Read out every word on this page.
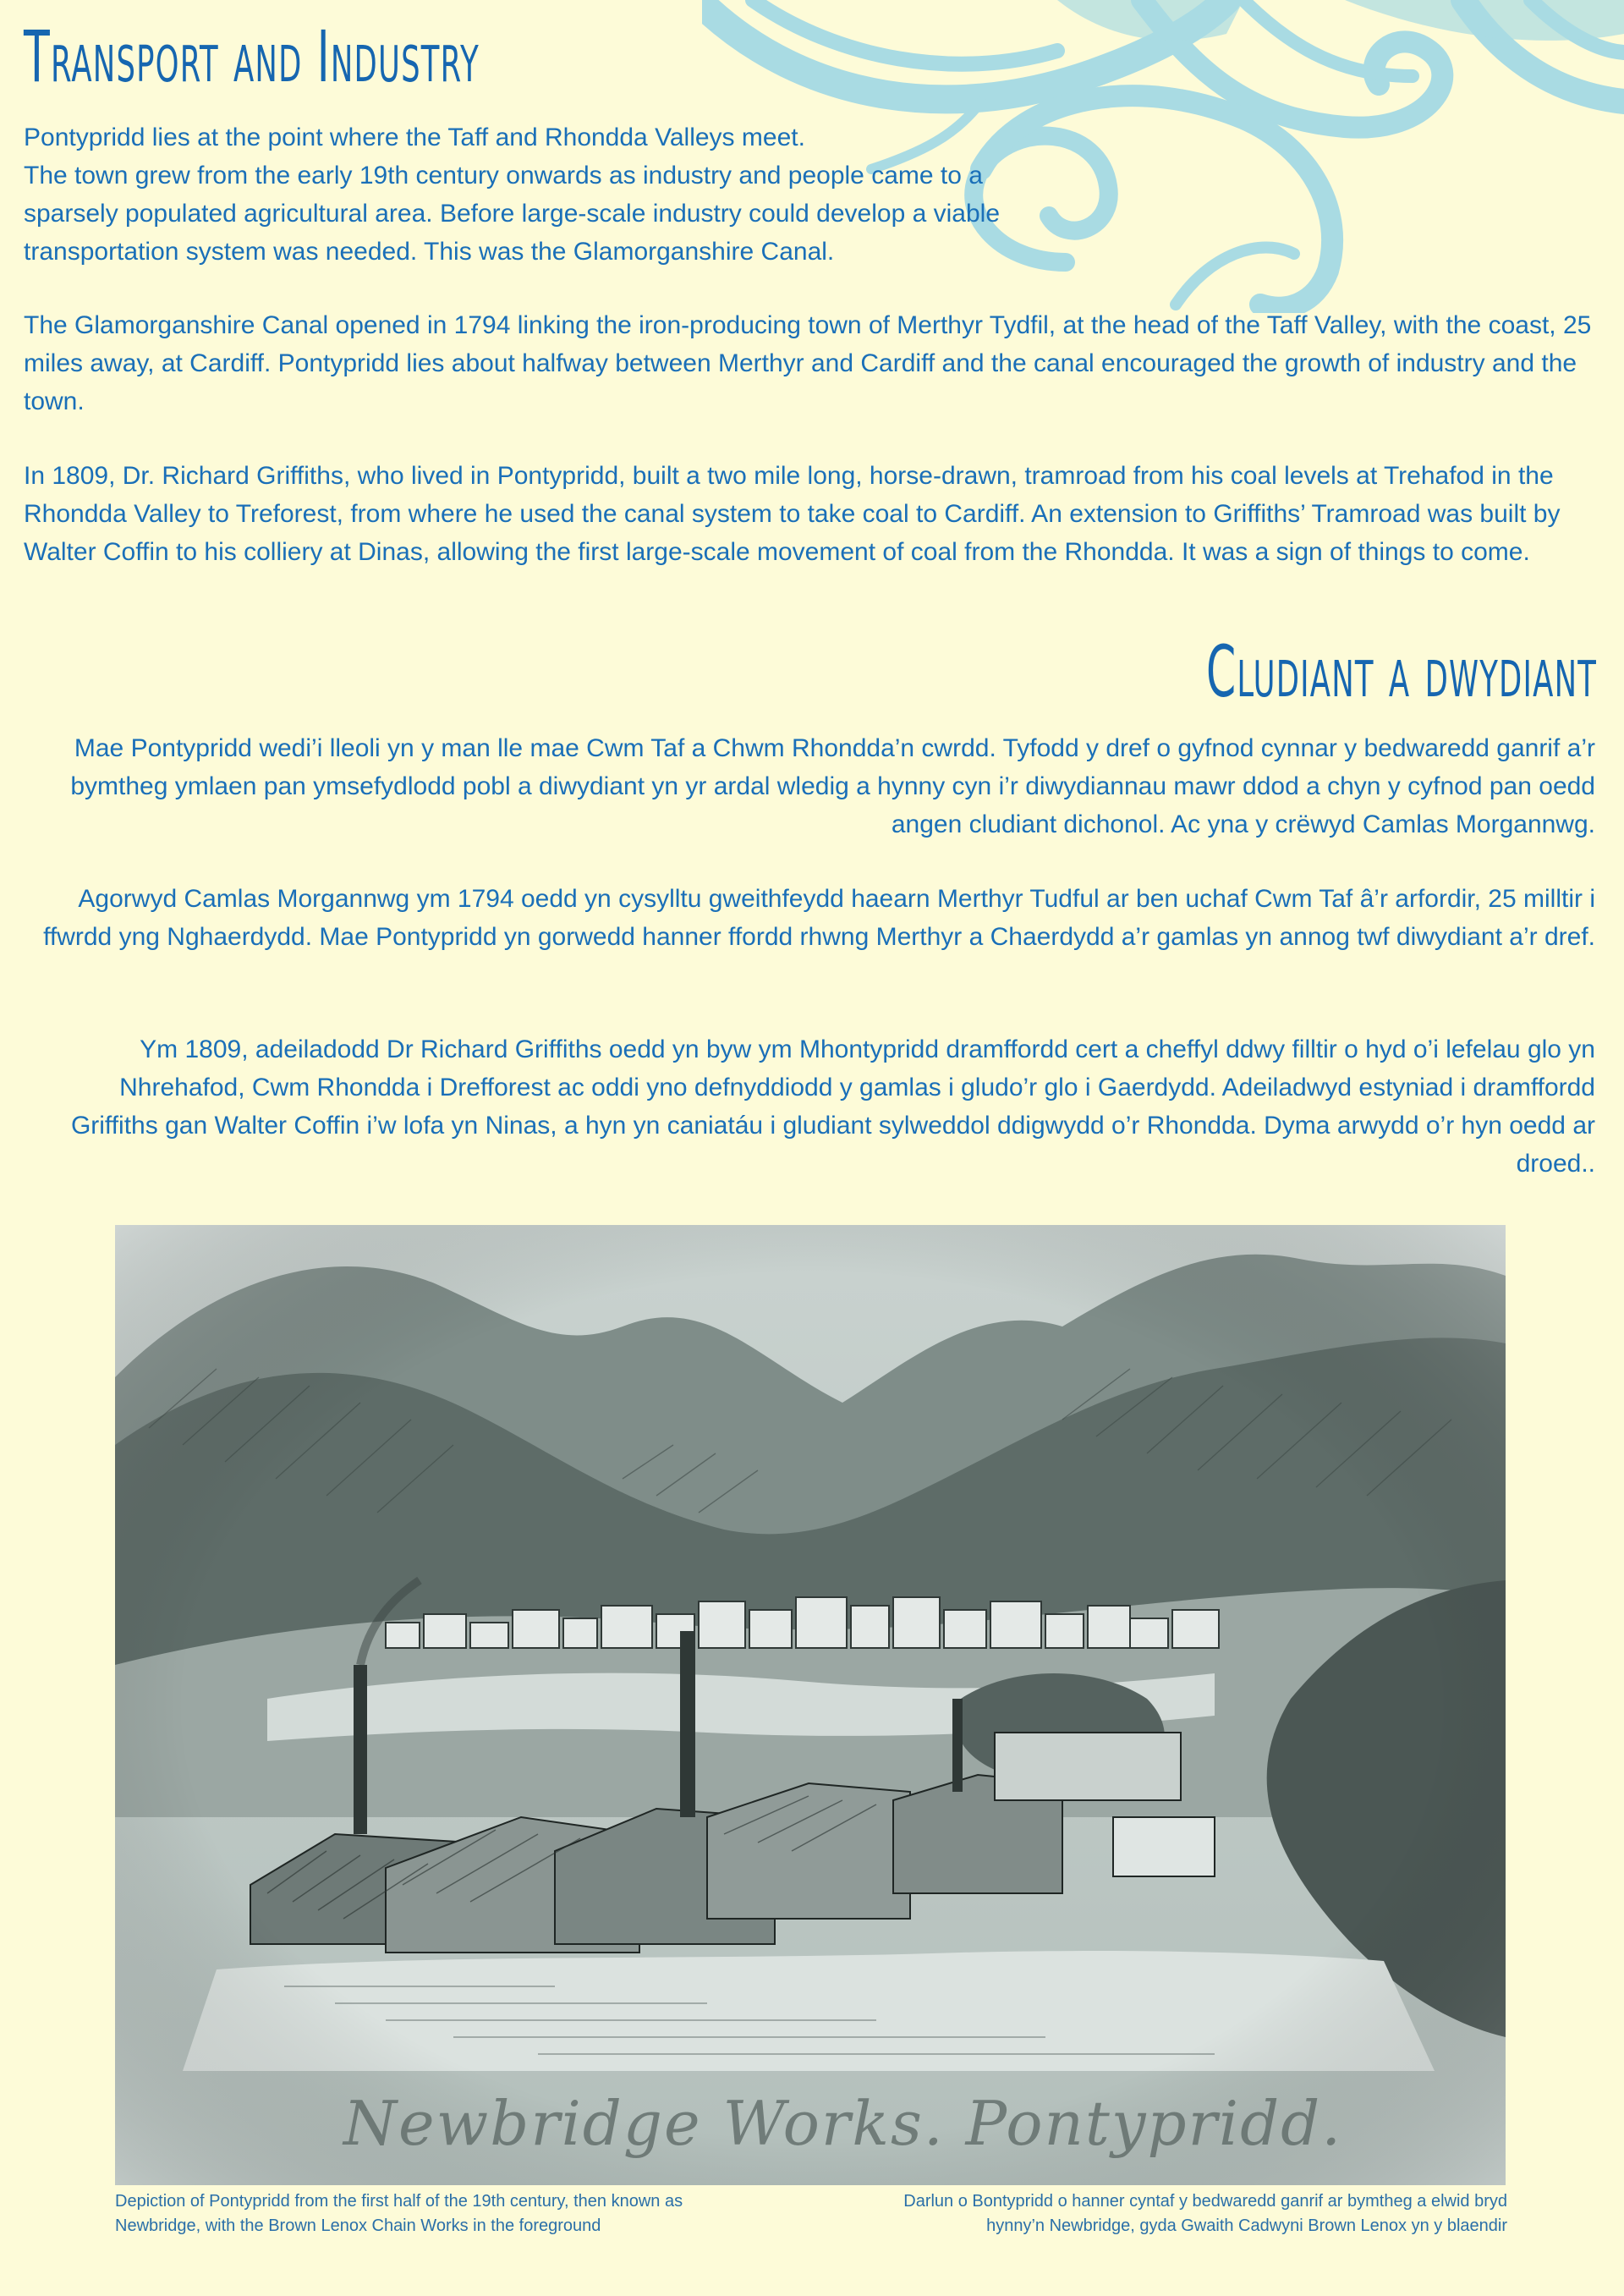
Transport and Industry

Pontypridd lies at the point where the Taff and Rhondda Valleys meet.
The town grew from the early 19th century onwards as industry and people came to a sparsely populated agricultural area. Before large-scale industry could develop a viable transportation system was needed. This was the Glamorganshire Canal.

The Glamorganshire Canal opened in 1794 linking the iron-producing town of Merthyr Tydfil, at the head of the Taff Valley, with the coast, 25 miles away, at Cardiff. Pontypridd lies about halfway between Merthyr and Cardiff and the canal encouraged the growth of industry and the town.

In 1809, Dr. Richard Griffiths, who lived in Pontypridd, built a two mile long, horse-drawn, tramroad from his coal levels at Trehafod in the Rhondda Valley to Treforest, from where he used the canal system to take coal to Cardiff. An extension to Griffiths’ Tramroad was built by Walter Coffin to his colliery at Dinas, allowing the first large-scale movement of coal from the Rhondda. It was a sign of things to come.

Cludiant a dwydiant

Mae Pontypridd wedi’i lleoli yn y man lle mae Cwm Taf a Chwm Rhondda’n cwrdd. Tyfodd y dref o gyfnod cynnar y bedwaredd ganrif a’r bymtheg ymlaen pan ymsefydlodd pobl a diwydiant yn yr ardal wledig a hynny cyn i’r diwydiannau mawr ddod a chyn y cyfnod pan oedd angen cludiant dichonol. Ac yna y crëwyd Camlas Morgannwg.

Agorwyd Camlas Morgannwg ym 1794 oedd yn cysylltu gweithfeydd haearn Merthyr Tudful ar ben uchaf Cwm Taf â’r arfordir, 25 milltir i ffwrdd yng Nghaerdydd. Mae Pontypridd yn gorwedd hanner ffordd rhwng Merthyr a Chaerdydd a’r gamlas yn annog twf diwydiant a’r dref.

Ym 1809, adeiladodd Dr Richard Griffiths oedd yn byw ym Mhontypridd dramffordd cert a cheffyl ddwy filltir o hyd o’i lefelau glo yn Nhrehafod, Cwm Rhondda i Drefforest ac oddi yno defnyddiodd y gamlas i gludo’r glo i Gaerdydd. Adeiladwyd estyniad i dramffordd Griffiths gan Walter Coffin i’w lofa yn Ninas, a hyn yn caniatáu i gludiant sylweddol ddigwydd o’r Rhondda. Dyma arwydd o’r hyn oedd ar droed..

Newbridge Works. Pontypridd.

Depiction of Pontypridd from the first half of the 19th century, then known as Newbridge, with the Brown Lenox Chain Works in the foreground

Darlun o Bontypridd o hanner cyntaf y bedwaredd ganrif ar bymtheg a elwid bryd hynny’n Newbridge, gyda Gwaith Cadwyni Brown Lenox yn y blaendir
